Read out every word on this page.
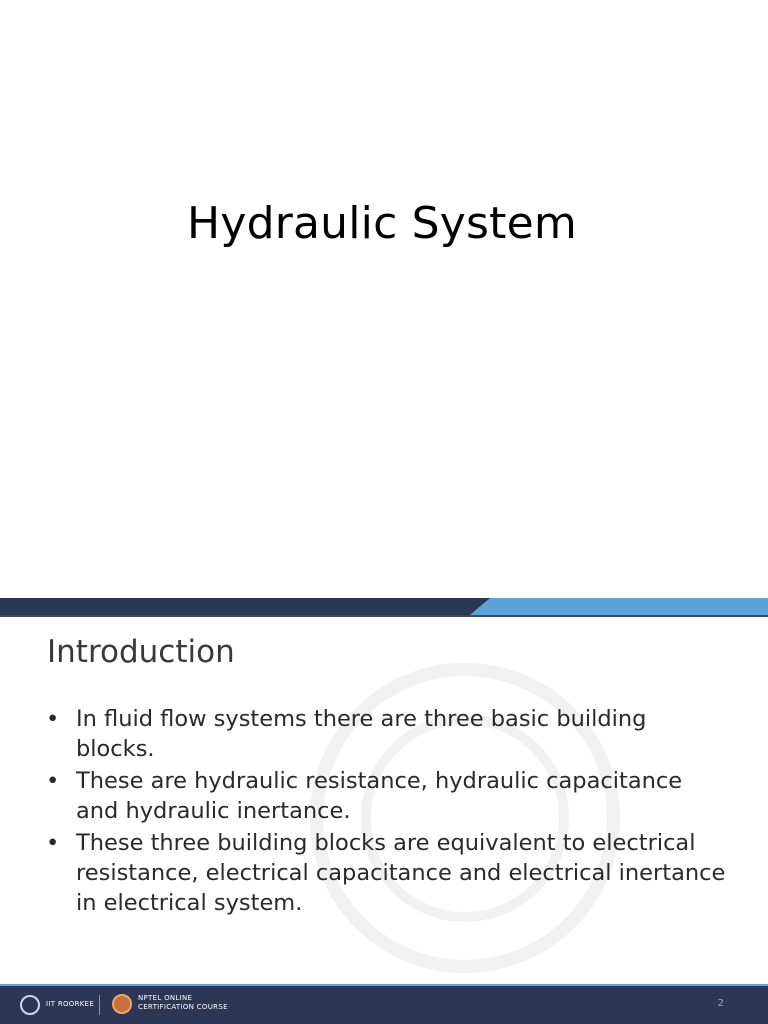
Hydraulic System
Introduction
• In fluid flow systems there are three basic building blocks.
• These are hydraulic resistance, hydraulic capacitance and hydraulic inertance.
• These three building blocks are equivalent to electrical resistance, electrical capacitance and electrical inertance in electrical system.
IIT ROORKEE
NPTEL ONLINE
CERTIFICATION COURSE	2
